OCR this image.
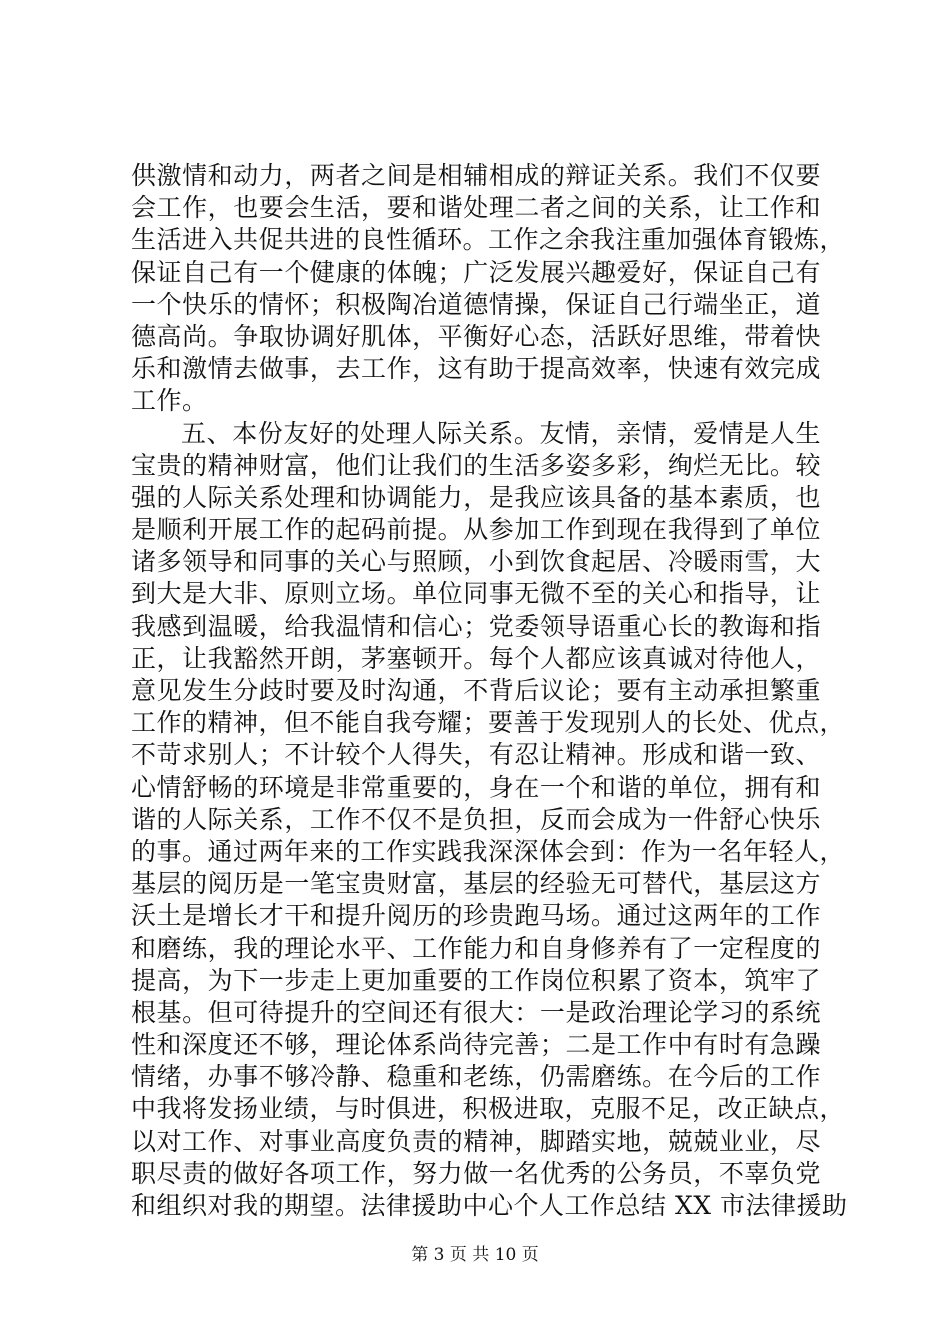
供激情和动力，两者之间是相辅相成的辩证关系。我们不仅要
会工作，也要会生活，要和谐处理二者之间的关系，让工作和
生活进入共促共进的良性循环。工作之余我注重加强体育锻炼，
保证自己有一个健康的体魄；广泛发展兴趣爱好，保证自己有
一个快乐的情怀；积极陶冶道德情操，保证自己行端坐正，道
德高尚。争取协调好肌体，平衡好心态，活跃好思维，带着快
乐和激情去做事，去工作，这有助于提高效率，快速有效完成
工作。
五、本份友好的处理人际关系。友情，亲情，爱情是人生
宝贵的精神财富，他们让我们的生活多姿多彩，绚烂无比。较
强的人际关系处理和协调能力，是我应该具备的基本素质，也
是顺利开展工作的起码前提。从参加工作到现在我得到了单位
诸多领导和同事的关心与照顾，小到饮食起居、冷暖雨雪，大
到大是大非、原则立场。单位同事无微不至的关心和指导，让
我感到温暖，给我温情和信心；党委领导语重心长的教诲和指
正，让我豁然开朗，茅塞顿开。每个人都应该真诚对待他人，
意见发生分歧时要及时沟通，不背后议论；要有主动承担繁重
工作的精神，但不能自我夸耀；要善于发现别人的长处、优点，
不苛求别人；不计较个人得失，有忍让精神。形成和谐一致、
心情舒畅的环境是非常重要的，身在一个和谐的单位，拥有和
谐的人际关系，工作不仅不是负担，反而会成为一件舒心快乐
的事。通过两年来的工作实践我深深体会到：作为一名年轻人，
基层的阅历是一笔宝贵财富，基层的经验无可替代，基层这方
沃土是增长才干和提升阅历的珍贵跑马场。通过这两年的工作
和磨练，我的理论水平、工作能力和自身修养有了一定程度的
提高，为下一步走上更加重要的工作岗位积累了资本，筑牢了
根基。但可待提升的空间还有很大：一是政治理论学习的系统
性和深度还不够，理论体系尚待完善；二是工作中有时有急躁
情绪，办事不够冷静、稳重和老练，仍需磨练。在今后的工作
中我将发扬业绩，与时俱进，积极进取，克服不足，改正缺点，
以对工作、对事业高度负责的精神，脚踏实地，兢兢业业，尽
职尽责的做好各项工作，努力做一名优秀的公务员，不辜负党
和组织对我的期望。法律援助中心个人工作总结 XX 市法律援助
第 3 页 共 10 页
